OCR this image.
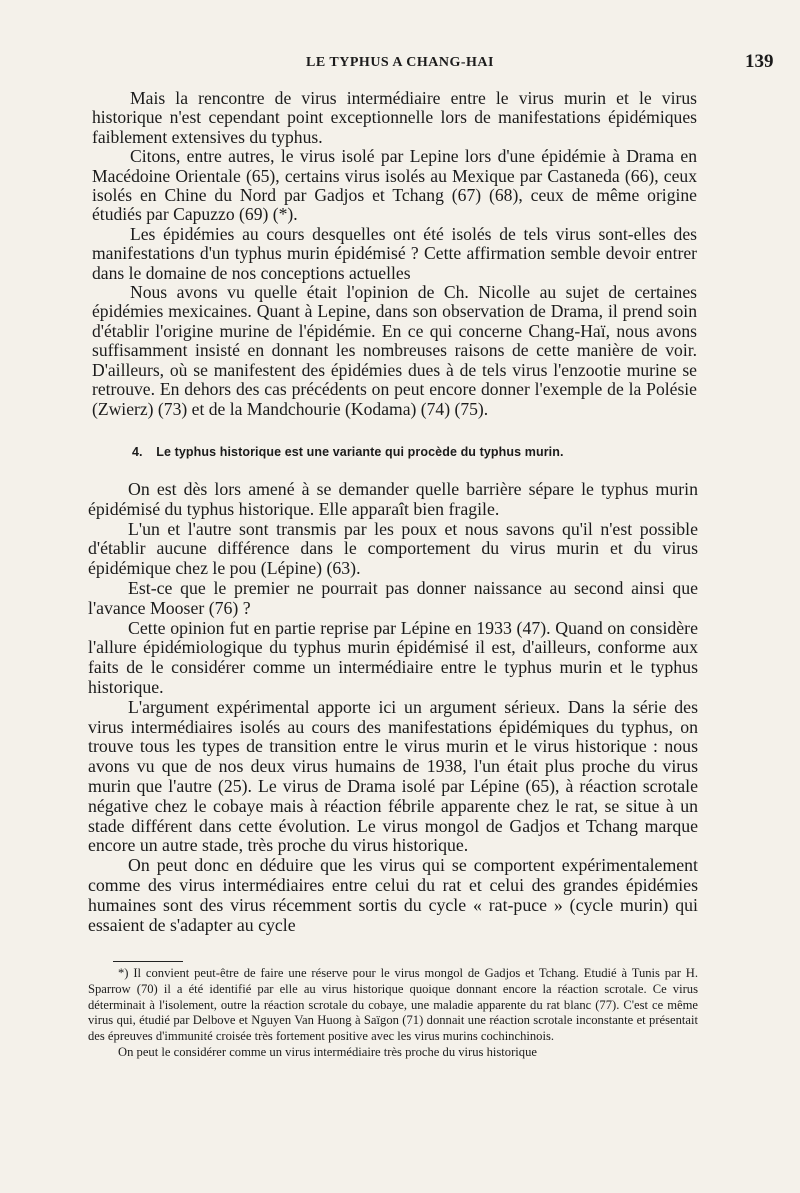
LE TYPHUS A CHANG-HAI	139

Mais la rencontre de virus intermédiaire entre le virus murin et le virus historique n'est cependant point exceptionnelle lors de manifestations épidémiques faiblement extensives du typhus.

Citons, entre autres, le virus isolé par Lepine lors d'une épidémie à Drama en Macédoine Orientale (65), certains virus isolés au Mexique par Castaneda (66), ceux isolés en Chine du Nord par Gadjos et Tchang (67) (68), ceux de même origine étudiés par Capuzzo (69) (*).

Les épidémies au cours desquelles ont été isolés de tels virus sont-elles des manifestations d'un typhus murin épidémisé ? Cette affirmation semble devoir entrer dans le domaine de nos conceptions actuelles

Nous avons vu quelle était l'opinion de Ch. Nicolle au sujet de certaines épidémies mexicaines. Quant à Lepine, dans son observation de Drama, il prend soin d'établir l'origine murine de l'épidémie. En ce qui concerne Chang-Haï, nous avons suffisamment insisté en donnant les nombreuses raisons de cette manière de voir. D'ailleurs, où se manifestent des épidémies dues à de tels virus l'enzootie murine se retrouve. En dehors des cas précédents on peut encore donner l'exemple de la Polésie (Zwierz) (73) et de la Mandchourie (Kodama) (74) (75).

4. Le typhus historique est une variante qui procède du typhus murin.

On est dès lors amené à se demander quelle barrière sépare le typhus murin épidémisé du typhus historique. Elle apparaît bien fragile.

L'un et l'autre sont transmis par les poux et nous savons qu'il n'est possible d'établir aucune différence dans le comportement du virus murin et du virus épidémique chez le pou (Lépine) (63).

Est-ce que le premier ne pourrait pas donner naissance au second ainsi que l'avance Mooser (76) ?

Cette opinion fut en partie reprise par Lépine en 1933 (47). Quand on considère l'allure épidémiologique du typhus murin épidémisé il est, d'ailleurs, conforme aux faits de le considérer comme un intermédiaire entre le typhus murin et le typhus historique.

L'argument expérimental apporte ici un argument sérieux. Dans la série des virus intermédiaires isolés au cours des manifestations épidémiques du typhus, on trouve tous les types de transition entre le virus murin et le virus historique : nous avons vu que de nos deux virus humains de 1938, l'un était plus proche du virus murin que l'autre (25). Le virus de Drama isolé par Lépine (65), à réaction scrotale négative chez le cobaye mais à réaction fébrile apparente chez le rat, se situe à un stade différent dans cette évolution. Le virus mongol de Gadjos et Tchang marque encore un autre stade, très proche du virus historique.

On peut donc en déduire que les virus qui se comportent expérimentalement comme des virus intermédiaires entre celui du rat et celui des grandes épidémies humaines sont des virus récemment sortis du cycle « rat-puce » (cycle murin) qui essaient de s'adapter au cycle

*) Il convient peut-être de faire une réserve pour le virus mongol de Gadjos et Tchang. Etudié à Tunis par H. Sparrow (70) il a été identifié par elle au virus historique quoique donnant encore la réaction scrotale. Ce virus déterminait à l'isolement, outre la réaction scrotale du cobaye, une maladie apparente du rat blanc (77). C'est ce même virus qui, étudié par Delbove et Nguyen Van Huong à Saïgon (71) donnait une réaction scrotale inconstante et présentait des épreuves d'immunité croisée très fortement positive avec les virus murins cochinchinois.

On peut le considérer comme un virus intermédiaire très proche du virus historique
